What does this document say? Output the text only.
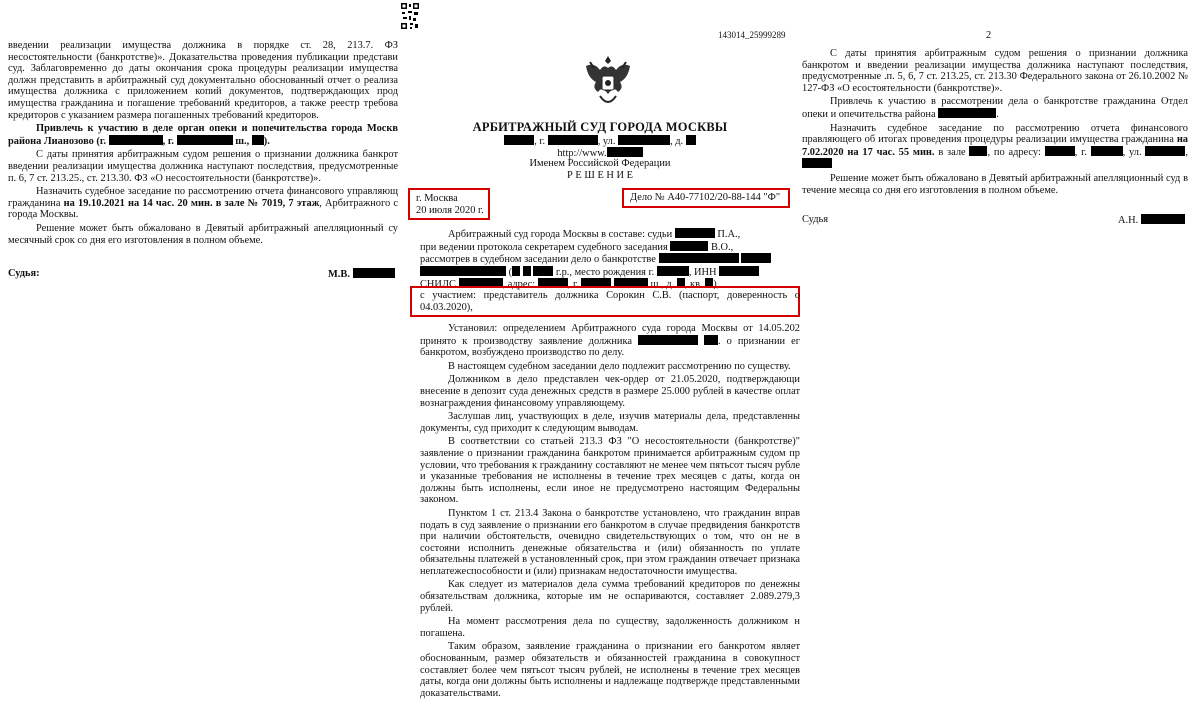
введении реализации имущества должника в порядке ст. 28, 213.7. ФЗ несостоятельности (банкротстве)». Доказательства проведения публикации представи суд. Заблаговременно до даты окончания срока процедуры реализации имущества должн представить в арбитражный суд документально обоснованный отчет о реализа имущества должника с приложением копий документов, подтверждающих прод имущества гражданина и погашение требований кредиторов, а также реестр требова кредиторов с указанием размера погашенных требований кредиторов.

Привлечь к участию в деле орган опеки и попечительства города Москв района Лианозово (г.	, г.	ш., ).

С даты принятия арбитражным судом решения о признании должника банкрот введении реализации имущества должника наступают последствия, предусмотренные п. 6, 7 ст. 213.25., ст. 213.30. ФЗ «О несостоятельности (банкротстве)».

Назначить судебное заседание по рассмотрению отчета финансового управляющ гражданина на 19.10.2021 на 14 час. 20 мин. в зале № 7019, 7 этаж, Арбитражного с города Москвы.

Решение может быть обжаловано в Девятый арбитражный апелляционный су месячный срок со дня его изготовления в полном объеме.

Судья:	М.В.
143014_25999289
АРБИТРАЖНЫЙ СУД ГОРОДА МОСКВЫ
, г.	, ул.	, д.
http://www.
Именем Российской Федерации
Р Е Ш Е Н И Е
г. Москва
20 июля 2020 г.
Дело № А40-77102/20-88-144 "Ф"

Арбитражный суд города Москвы в составе: судьи	П.А.,

при ведении протокола секретарем судебного заседания	В.О.,

рассмотрев в судебном заседании дело о банкротстве

(	г.р., место рождения г.	, ИНН

СНИЛС	, адрес:	, г.	ш., д. , кв. ),

с участием: представитель должника Сорокин С.В. (паспорт, доверенность о 04.03.2020),

Установил: определением Арбитражного суда города Москвы от 14.05.202 принято к производству заявление должника	. о признании ег банкротом, возбуждено производство по делу.

В настоящем судебном заседании дело подлежит рассмотрению по существу.

Должником в дело представлен чек-ордер от 21.05.2020, подтверждающи внесение в депозит суда денежных средств в размере 25.000 рублей в качестве оплат вознаграждения финансовому управляющему.

Заслушав лиц, участвующих в деле, изучив материалы дела, представленны документы, суд приходит к следующим выводам.

В соответствии со статьей 213.3 ФЗ "О несостоятельности (банкротстве)" заявление о признании гражданина банкротом принимается арбитражным судом пр условии, что требования к гражданину составляют не менее чем пятьсот тысяч рубле и указанные требования не исполнены в течение трех месяцев с даты, когда он должны быть исполнены, если иное не предусмотрено настоящим Федеральны законом.

Пунктом 1 ст. 213.4 Закона о банкротстве установлено, что гражданин вправ подать в суд заявление о признании его банкротом в случае предвидения банкротств при наличии обстоятельств, очевидно свидетельствующих о том, что он не в состояни исполнить денежные обязательства и (или) обязанность по уплате обязательны платежей в установленный срок, при этом гражданин отвечает признака неплатежеспособности и (или) признакам недостаточности имущества.

Как следует из материалов дела сумма требований кредиторов по денежны обязательствам должника, которые им не оспариваются, составляет 2.089.279,3 рублей.

На момент рассмотрения дела по существу, задолженность должником н погашена.

Таким образом, заявление гражданина о признании его банкротом являет обоснованным, размер обязательств и обязанностей гражданина в совокупност составляет более чем пятьсот тысяч рублей, не исполнены в течение трех месяцев даты, когда они должны быть исполнены и надлежаще подтвержде представленными доказательствами.

2

С даты принятия арбитражным судом решения о признании должника банкротом и введении реализации имущества должника наступают последствия, предусмотренные .п. 5, 6, 7 ст. 213.25, ст. 213.30 Федерального закона от 26.10.2002 № 127-ФЗ «О есостоятельности (банкротстве)».

Привлечь к участию в рассмотрении дела о банкротстве гражданина Отдел опеки и опечительства района	.

Назначить судебное заседание по рассмотрению отчета финансового правляющего об итогах проведения процедуры реализации имущества гражданина на 7.02.2020 на 17 час. 55 мин. в зале , по адресу:	, г.	, ул.	,

Решение может быть обжаловано в Девятый арбитражный апелляционный суд в течение месяца со дня его изготовления в полном объеме.

Судья	А.Н.
